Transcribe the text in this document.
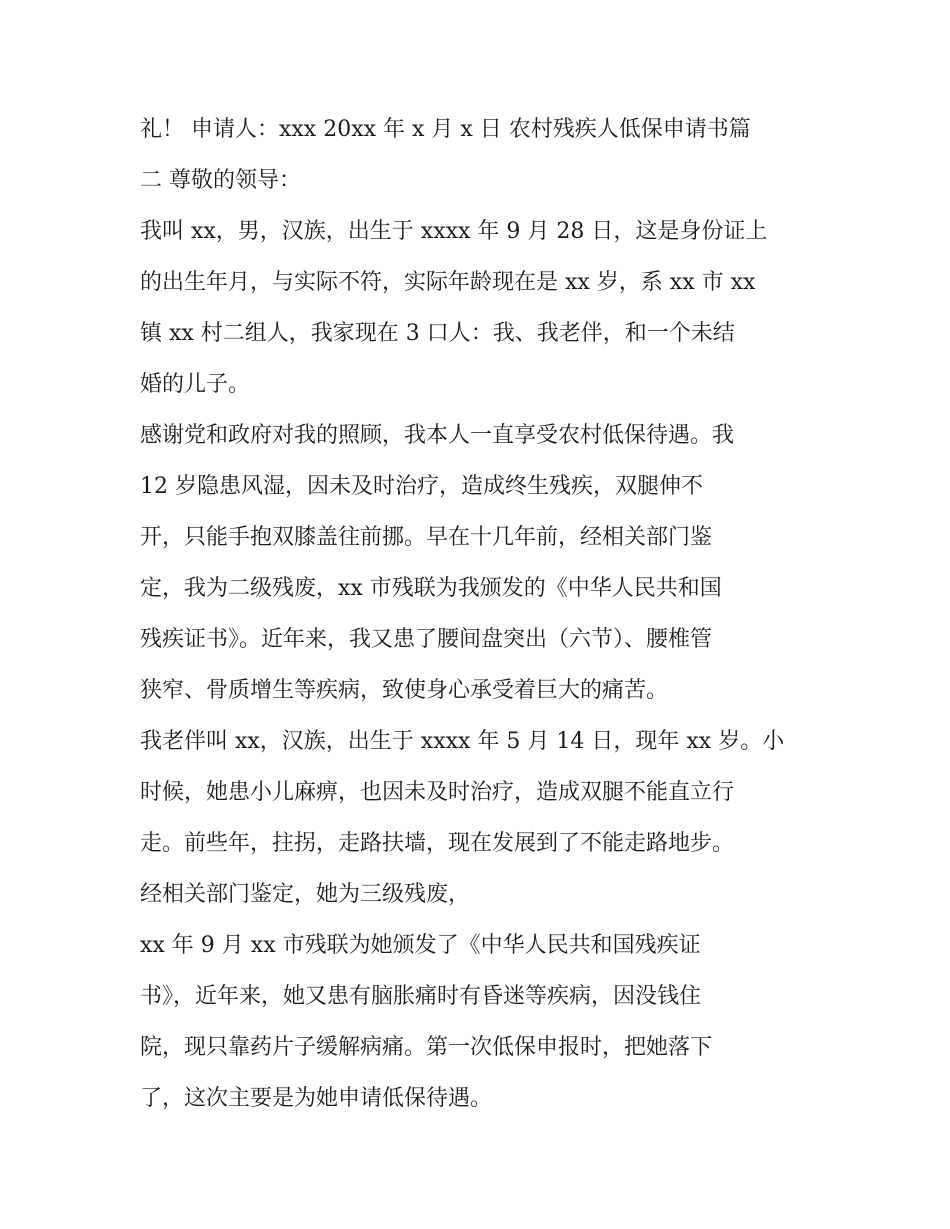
礼！ 申请人：xxx 20xx 年 x 月 x 日 农村残疾人低保申请书篇
二 尊敬的领导：
我叫 xx，男，汉族，出生于 xxxx 年 9 月 28 日，这是身份证上
的出生年月，与实际不符，实际年龄现在是 xx 岁，系 xx 市 xx
镇 xx 村二组人，我家现在 3 口人：我、我老伴，和一个未结
婚的儿子。
感谢党和政府对我的照顾，我本人一直享受农村低保待遇。我
12 岁隐患风湿，因未及时治疗，造成终生残疾，双腿伸不
开，只能手抱双膝盖往前挪。早在十几年前，经相关部门鉴
定，我为二级残废，xx 市残联为我颁发的《中华人民共和国
残疾证书》。近年来，我又患了腰间盘突出（六节）、腰椎管
狭窄、骨质增生等疾病，致使身心承受着巨大的痛苦。
我老伴叫 xx，汉族，出生于 xxxx 年 5 月 14 日，现年 xx 岁。小
时候，她患小儿麻痹，也因未及时治疗，造成双腿不能直立行
走。前些年，拄拐，走路扶墙，现在发展到了不能走路地步。
经相关部门鉴定，她为三级残废，
xx 年 9 月 xx 市残联为她颁发了《中华人民共和国残疾证
书》，近年来，她又患有脑胀痛时有昏迷等疾病，因没钱住
院，现只靠药片子缓解病痛。第一次低保申报时，把她落下
了，这次主要是为她申请低保待遇。
